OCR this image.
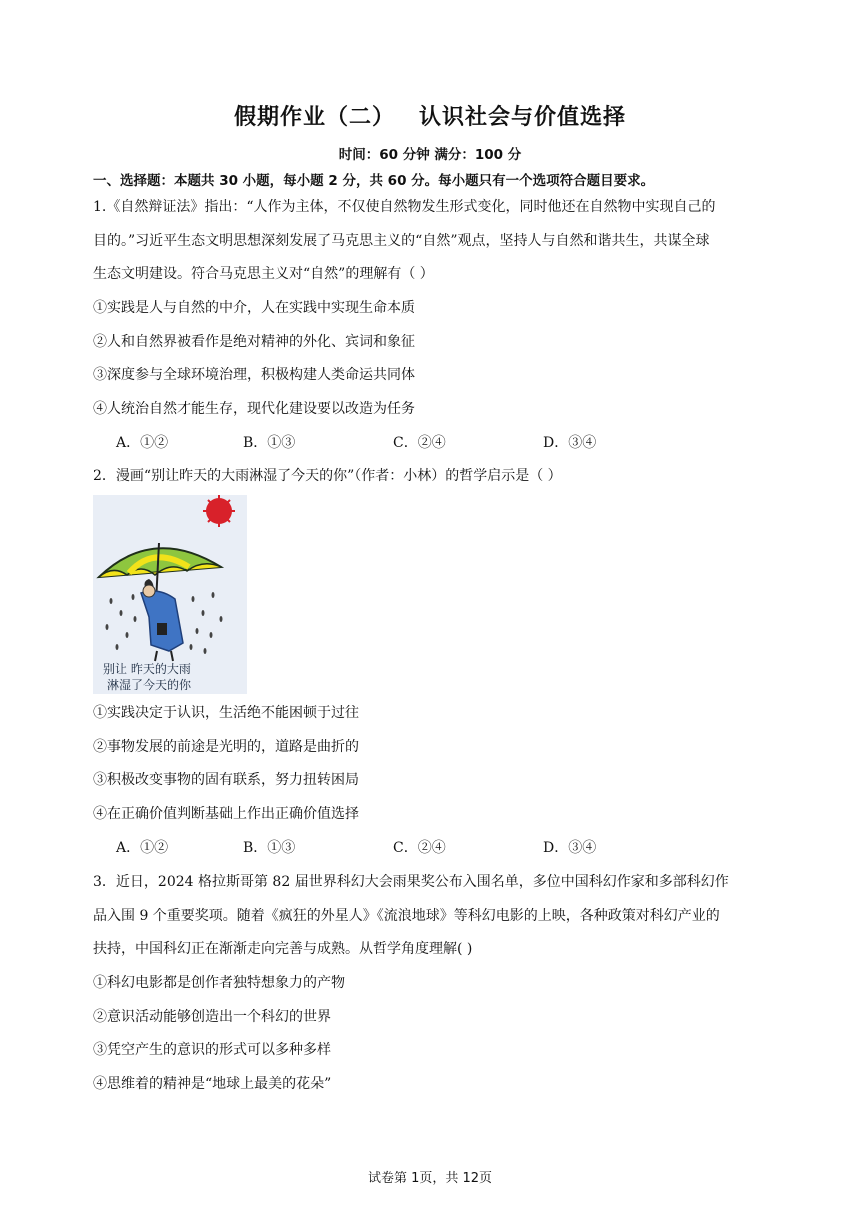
假期作业（二） 认识社会与价值选择
时间：60 分钟 满分：100 分
一、选择题：本题共 30 小题，每小题 2 分，共 60 分。每小题只有一个选项符合题目要求。
1.《自然辩证法》指出：“人作为主体，不仅使自然物发生形式变化，同时他还在自然物中实现自己的
目的。”习近平生态文明思想深刻发展了马克思主义的“自然”观点，坚持人与自然和谐共生，共谋全球
生态文明建设。符合马克思主义对“自然”的理解有（ ）
①实践是人与自然的中介，人在实践中实现生命本质
②人和自然界被看作是绝对精神的外化、宾词和象征
③深度参与全球环境治理，积极构建人类命运共同体
④人统治自然才能生存，现代化建设要以改造为任务
A．①②	B．①③	C．②④	D．③④
2．漫画“别让昨天的大雨淋湿了今天的你”（作者：小林）的哲学启示是（ ）
别让 昨天的大雨
淋湿了今天的你
①实践决定于认识，生活绝不能困顿于过往
②事物发展的前途是光明的，道路是曲折的
③积极改变事物的固有联系，努力扭转困局
④在正确价值判断基础上作出正确价值选择
A．①②	B．①③	C．②④	D．③④
3．近日，2024 格拉斯哥第 82 届世界科幻大会雨果奖公布入围名单，多位中国科幻作家和多部科幻作
品入围 9 个重要奖项。随着《疯狂的外星人》《流浪地球》等科幻电影的上映，各种政策对科幻产业的
扶持，中国科幻正在渐渐走向完善与成熟。从哲学角度理解( )
①科幻电影都是创作者独特想象力的产物
②意识活动能够创造出一个科幻的世界
③凭空产生的意识的形式可以多种多样
④思维着的精神是“地球上最美的花朵”
试卷第 1页，共 12页
